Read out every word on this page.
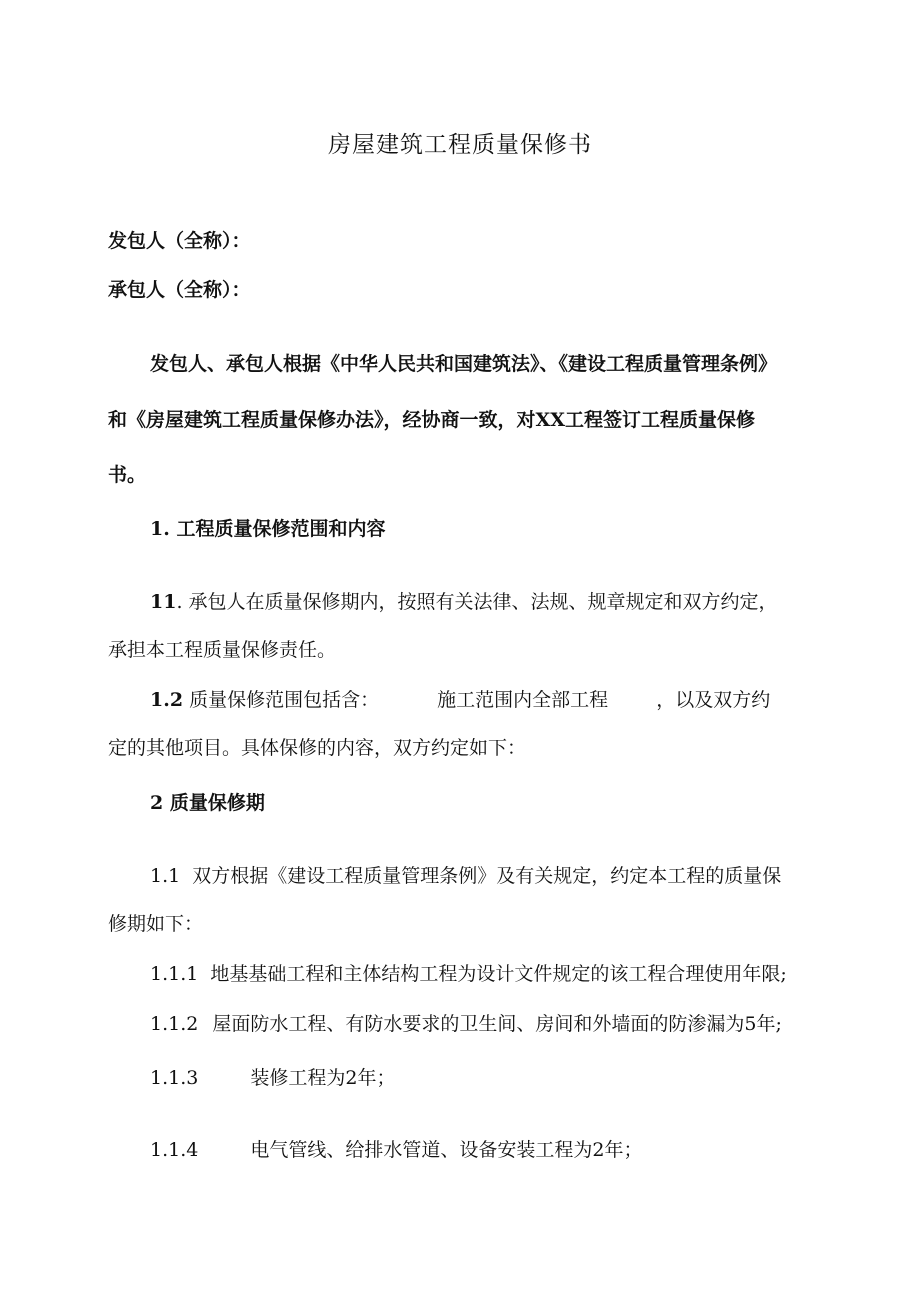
房屋建筑工程质量保修书
发包人（全称）：
承包人（全称）：
发包人、承包人根据《中华人民共和国建筑法》、《建设工程质量管理条例》
和《房屋建筑工程质量保修办法》，经协商一致，对XX工程签订工程质量保修
书。
1. 工程质量保修范围和内容
11. 承包人在质量保修期内，按照有关法律、法规、规章规定和双方约定，
承担本工程质量保修责任。
1.2 质量保修范围包括含：	施工范围内全部工程	，以及双方约
定的其他项目。具体保修的内容，双方约定如下：
2 质量保修期
1.1 双方根据《建设工程质量管理条例》及有关规定，约定本工程的质量保
修期如下：
1.1.1 地基基础工程和主体结构工程为设计文件规定的该工程合理使用年限;
1.1.2 屋面防水工程、有防水要求的卫生间、房间和外墙面的防渗漏为5年;
1.1.3	装修工程为2年；
1.1.4	电气管线、给排水管道、设备安装工程为2年；
